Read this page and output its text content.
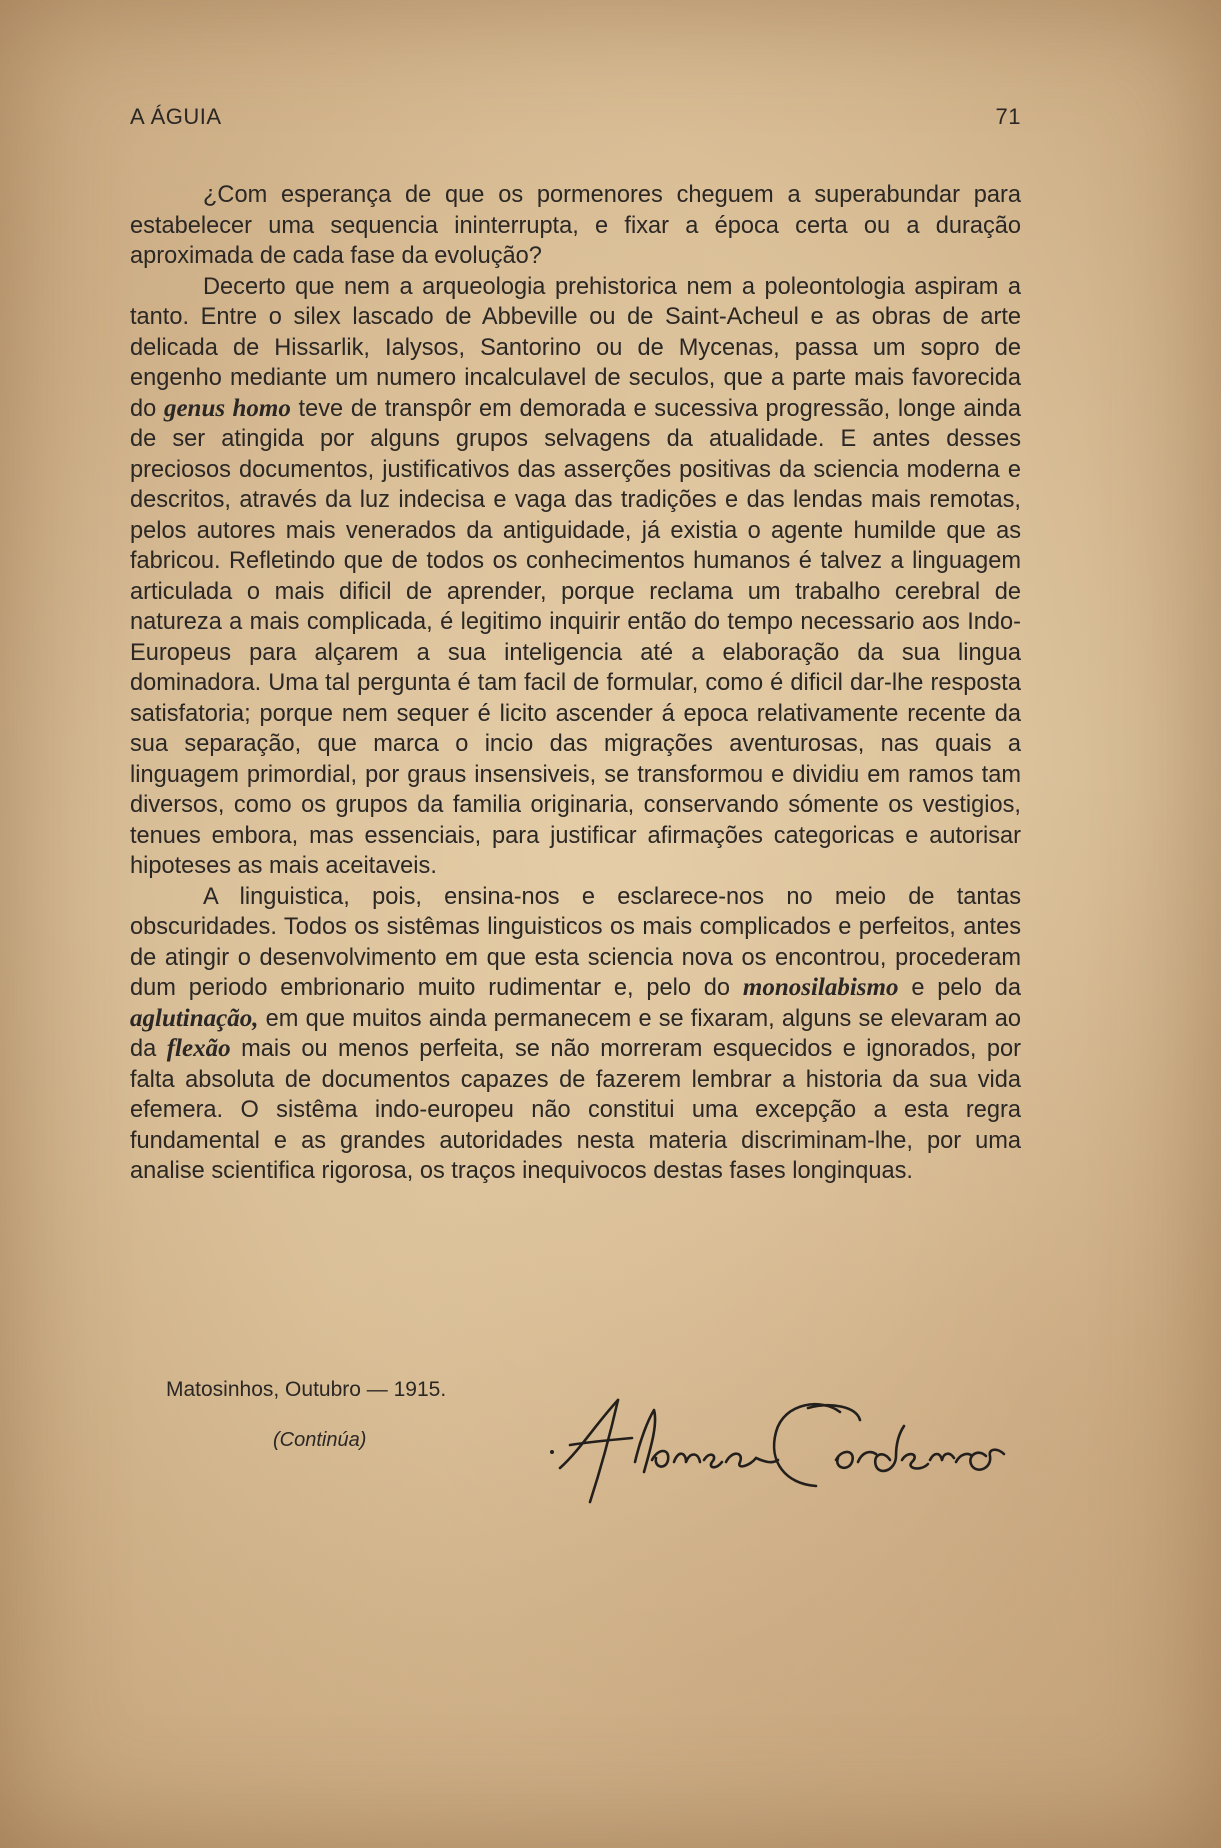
A ÁGUIA	71

¿Com esperança de que os pormenores cheguem a superabundar para estabelecer uma sequencia ininterrupta, e fixar a época certa ou a duração aproximada de cada fase da evolução?

Decerto que nem a arqueologia prehistorica nem a poleontologia aspiram a tanto. Entre o silex lascado de Abbeville ou de Saint-Acheul e as obras de arte delicada de Hissarlik, Ialysos, Santorino ou de Mycenas, passa um sopro de engenho mediante um numero incalculavel de seculos, que a parte mais favorecida do genus homo teve de transpôr em demorada e sucessiva progressão, longe ainda de ser atingida por alguns grupos selvagens da atualidade. E antes desses preciosos documentos, justificativos das asserções positivas da sciencia moderna e descritos, através da luz indecisa e vaga das tradições e das lendas mais remotas, pelos autores mais venerados da antiguidade, já existia o agente humilde que as fabricou. Refletindo que de todos os conhecimentos humanos é talvez a linguagem articulada o mais dificil de aprender, porque reclama um trabalho cerebral de natureza a mais complicada, é legitimo inquirir então do tempo necessario aos Indo-Europeus para alçarem a sua inteligencia até a elaboração da sua lingua dominadora. Uma tal pergunta é tam facil de formular, como é dificil dar-lhe resposta satisfatoria; porque nem sequer é licito ascender á epoca relativamente recente da sua separação, que marca o incio das migrações aventurosas, nas quais a linguagem primordial, por graus insensiveis, se transformou e dividiu em ramos tam diversos, como os grupos da familia originaria, conservando sómente os vestigios, tenues embora, mas essenciais, para justificar afirmações categoricas e autorisar hipoteses as mais aceitaveis.

A linguistica, pois, ensina-nos e esclarece-nos no meio de tantas obscuridades. Todos os sistêmas linguisticos os mais complicados e perfeitos, antes de atingir o desenvolvimento em que esta sciencia nova os encontrou, procederam dum periodo embrionario muito rudimentar e, pelo do monosilabismo e pelo da aglutinação, em que muitos ainda permanecem e se fixaram, alguns se elevaram ao da flexão mais ou menos perfeita, se não morreram esquecidos e ignorados, por falta absoluta de documentos capazes de fazerem lembrar a historia da sua vida efemera. O sistêma indo-europeu não constitui uma excepção a esta regra fundamental e as grandes autoridades nesta materia discriminam-lhe, por uma analise scientifica rigorosa, os traços inequivocos destas fases longinquas.

Matosinhos, Outubro — 1915.
(Continúa)
